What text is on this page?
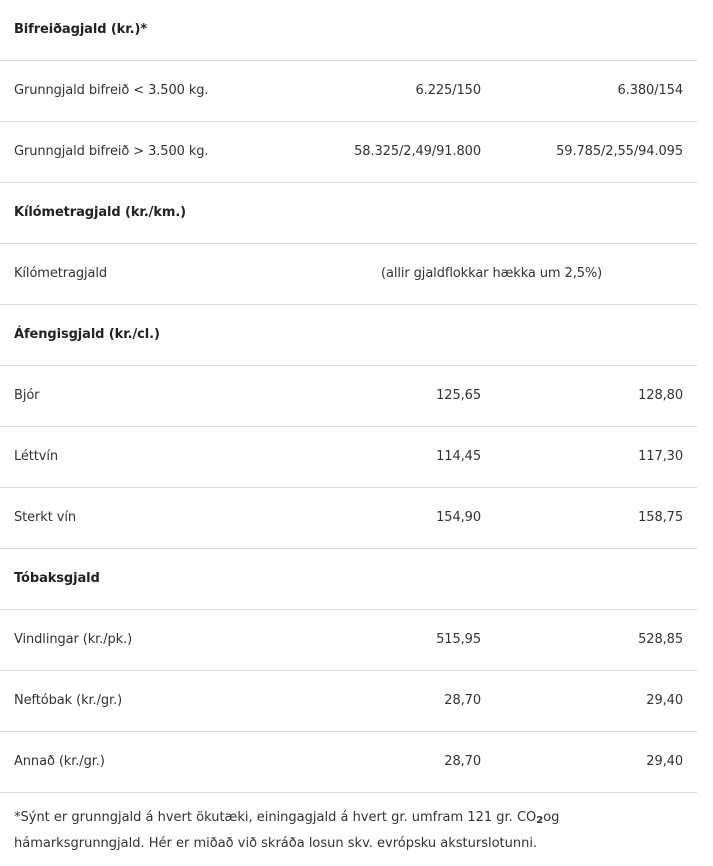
Bifreiðagjald (kr.)*
Grunngjald bifreið < 3.500 kg.	6.225/150	6.380/154
Grunngjald bifreið > 3.500 kg.	58.325/2,49/91.800	59.785/2,55/94.095
Kílómetragjald (kr./km.)
Kílómetragjald	(allir gjaldflokkar hækka um 2,5%)
Áfengisgjald (kr./cl.)
Bjór	125,65	128,80
Léttvín	114,45	117,30
Sterkt vín	154,90	158,75
Tóbaksgjald
Vindlingar (kr./pk.)	515,95	528,85
Neftóbak (kr./gr.)	28,70	29,40
Annað (kr./gr.)	28,70	29,40
*Sýnt er grunngjald á hvert ökutæki, einingagjald á hvert gr. umfram 121 gr. $CO_2og$
hámarksgrunngjald. Hér er miðað við skráða losun skv. evrópsku aksturslotunni.
